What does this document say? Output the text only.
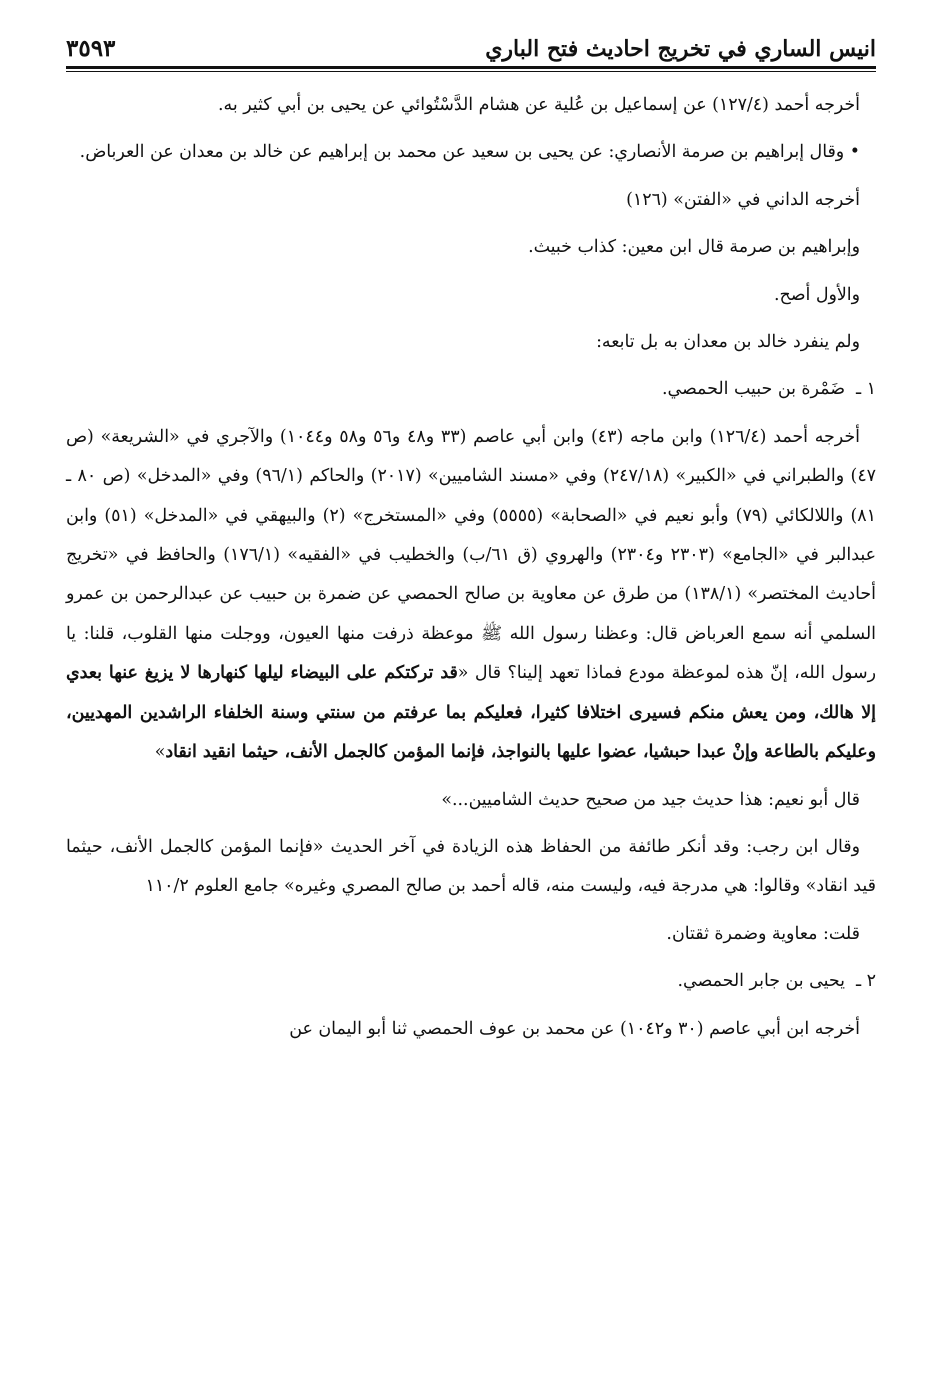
انيس الساري في تخريج احاديث فتح الباري
٣٥٩٣

أخرجه أحمد (١٢٧/٤) عن إسماعيل بن عُلية عن هشام الدَّسْتُوائي عن يحيى بن أبي كثير به.

• وقال إبراهيم بن صرمة الأنصاري: عن يحيى بن سعيد عن محمد بن إبراهيم عن خالد بن معدان عن العرباض.

أخرجه الداني في «الفتن» (١٢٦)

وإبراهيم بن صرمة قال ابن معين: كذاب خبيث.

والأول أصح.

ولم ينفرد خالد بن معدان به بل تابعه:

١ ـ  ضَمْرة بن حبيب الحمصي.

أخرجه أحمد (١٢٦/٤) وابن ماجه (٤٣) وابن أبي عاصم (٣٣ و٤٨ و٥٦ و٥٨ و١٠٤٤) والآجري في «الشريعة» (ص ٤٧) والطبراني في «الكبير» (٢٤٧/١٨) وفي «مسند الشاميين» (٢٠١٧) والحاكم (٩٦/١) وفي «المدخل» (ص ٨٠ ـ ٨١) واللالكائي (٧٩) وأبو نعيم في «الصحابة» (٥٥٥٥) وفي «المستخرج» (٢) والبيهقي في «المدخل» (٥١) وابن عبدالبر في «الجامع» (٢٣٠٣ و٢٣٠٤) والهروي (ق ٦١/ب) والخطيب في «الفقيه» (١٧٦/١) والحافظ في «تخريج أحاديث المختصر» (١٣٨/١) من طرق عن معاوية بن صالح الحمصي عن ضمرة بن حبيب عن عبدالرحمن بن عمرو السلمي أنه سمع العرباض قال: وعظنا رسول الله ﷺ موعظة ذرفت منها العيون، ووجلت منها القلوب، قلنا: يا رسول الله، إنّ هذه لموعظة مودع فماذا تعهد إلينا؟ قال «قد تركتكم على البيضاء ليلها كنهارها لا يزيغ عنها بعدي إلا هالك، ومن يعش منكم فسيرى اختلافا كثيرا، فعليكم بما عرفتم من سنتي وسنة الخلفاء الراشدين المهديين، وعليكم بالطاعة وإنْ عبدا حبشيا، عضوا عليها بالنواجذ، فإنما المؤمن كالجمل الأنف، حيثما انقيد انقاد»

قال أبو نعيم: هذا حديث جيد من صحيح حديث الشاميين...»

وقال ابن رجب: وقد أنكر طائفة من الحفاظ هذه الزيادة في آخر الحديث «فإنما المؤمن كالجمل الأنف، حيثما قيد انقاد» وقالوا: هي مدرجة فيه، وليست منه، قاله أحمد بن صالح المصري وغيره» جامع العلوم ١١٠/٢

قلت: معاوية وضمرة ثقتان.

٢ ـ  يحيى بن جابر الحمصي.

أخرجه ابن أبي عاصم (٣٠ و١٠٤٢) عن محمد بن عوف الحمصي ثنا أبو اليمان عن
